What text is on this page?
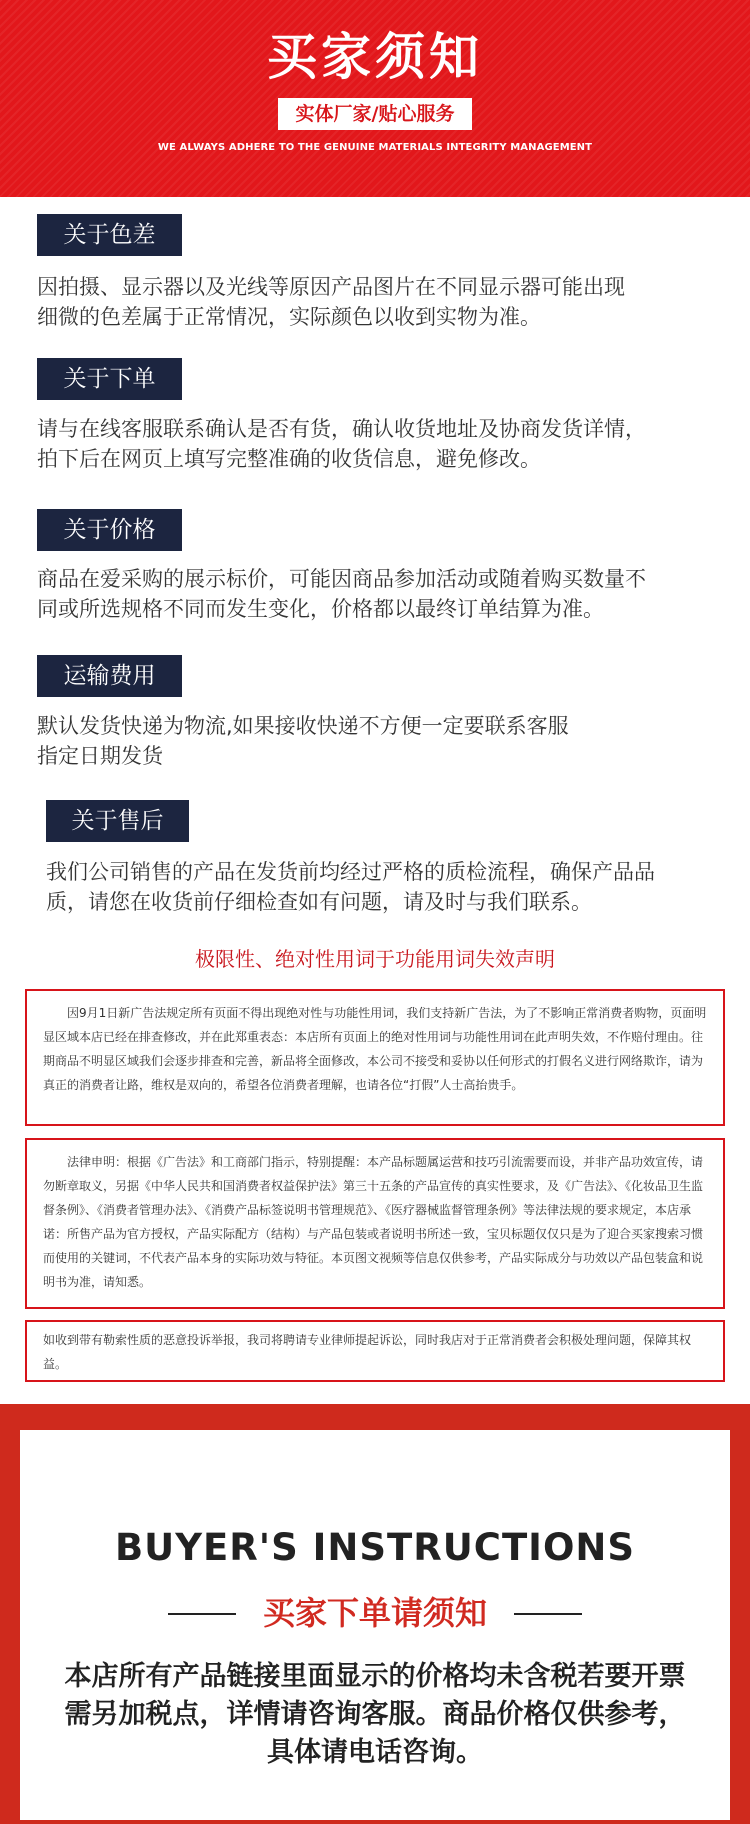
买家须知
实体厂家/贴心服务
WE ALWAYS ADHERE TO THE GENUINE MATERIALS INTEGRITY MANAGEMENT
关于色差
因拍摄、显示器以及光线等原因产品图片在不同显示器可能出现
细微的色差属于正常情况，实际颜色以收到实物为准。
关于下单
请与在线客服联系确认是否有货，确认收货地址及协商发货详情，
拍下后在网页上填写完整准确的收货信息，避免修改。
关于价格
商品在爱采购的展示标价，可能因商品参加活动或随着购买数量不
同或所选规格不同而发生变化，价格都以最终订单结算为准。
运输费用
默认发货快递为物流,如果接收快递不方便一定要联系客服
指定日期发货
关于售后
我们公司销售的产品在发货前均经过严格的质检流程，确保产品品
质，请您在收货前仔细检查如有问题，请及时与我们联系。
极限性、绝对性用词于功能用词失效声明
因9月1日新广告法规定所有页面不得出现绝对性与功能性用词，我们支持新广告法，为了不影响正常消费者购物，页面明显区域本店已经在排查修改，并在此郑重表态：本店所有页面上的绝对性用词与功能性用词在此声明失效，不作赔付理由。往期商品不明显区域我们会逐步排查和完善，新品将全面修改，本公司不接受和妥协以任何形式的打假名义进行网络欺诈，请为真正的消费者让路，维权是双向的，希望各位消费者理解，也请各位“打假”人士高抬贵手。
法律申明：根据《广告法》和工商部门指示，特别提醒：本产品标题属运营和技巧引流需要而设，并非产品功效宣传，请勿断章取义，另据《中华人民共和国消费者权益保护法》第三十五条的产品宣传的真实性要求，及《广告法》、《化妆品卫生监督条例》、《消费者管理办法》、《消费产品标签说明书管理规范》、《医疗器械监督管理条例》等法律法规的要求规定，本店承诺：所售产品为官方授权，产品实际配方（结构）与产品包装或者说明书所述一致，宝贝标题仅仅只是为了迎合买家搜索习惯而使用的关键词，不代表产品本身的实际功效与特征。本页图文视频等信息仅供参考，产品实际成分与功效以产品包装盒和说明书为准，请知悉。
如收到带有勒索性质的恶意投诉举报，我司将聘请专业律师提起诉讼，同时我店对于正常消费者会积极处理问题，保障其权益。
BUYER'S INSTRUCTIONS
买家下单请须知
本店所有产品链接里面显示的价格均未含税若要开票需另加税点，详情请咨询客服。商品价格仅供参考，具体请电话咨询。
